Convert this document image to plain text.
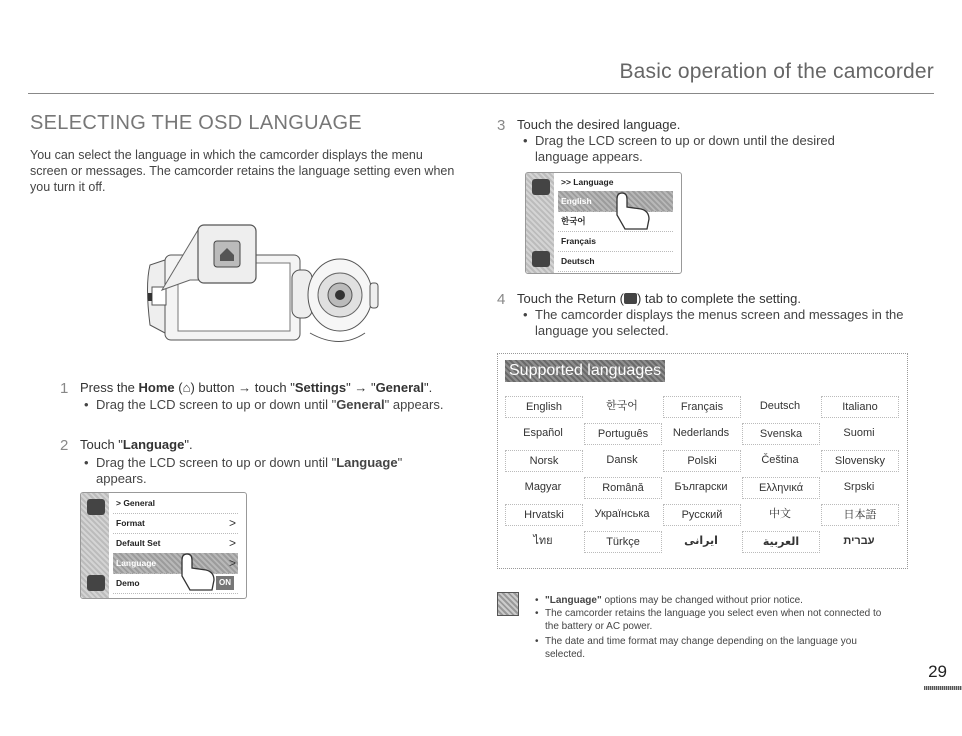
Basic operation of the camcorder
SELECTING THE OSD LANGUAGE
You can select the language in which the camcorder displays the menu screen or messages. The camcorder retains the language setting even when you turn it off.
1 Press the Home (⌂) button → touch "Settings" → "General".
• Drag the LCD screen to up or down until "General" appears.
2 Touch "Language".
• Drag the LCD screen to up or down until "Language" appears.
> General
Format	>
Default Set	>
Language	>
Demo	ON
3 Touch the desired language.
• Drag the LCD screen to up or down until the desired language appears.
>> Language
English
한국어
Français
Deutsch
4 Touch the Return ( ) tab to complete the setting.
• The camcorder displays the menus screen and messages in the language you selected.
Supported languages
English	한국어	Français	Deutsch	Italiano
Español	Português	Nederlands	Svenska	Suomi
Norsk	Dansk	Polski	Čeština	Slovensky
Magyar	Română	Български	Ελληνικά	Srpski
Hrvatski	Українська	Русский	中文	日本語
ไทย	Türkçe	ایرانی	العربية	עברית
• "Language" options may be changed without prior notice.
• The camcorder retains the language you select even when not connected to the battery or AC power.
• The date and time format may change depending on the language you selected.
29
